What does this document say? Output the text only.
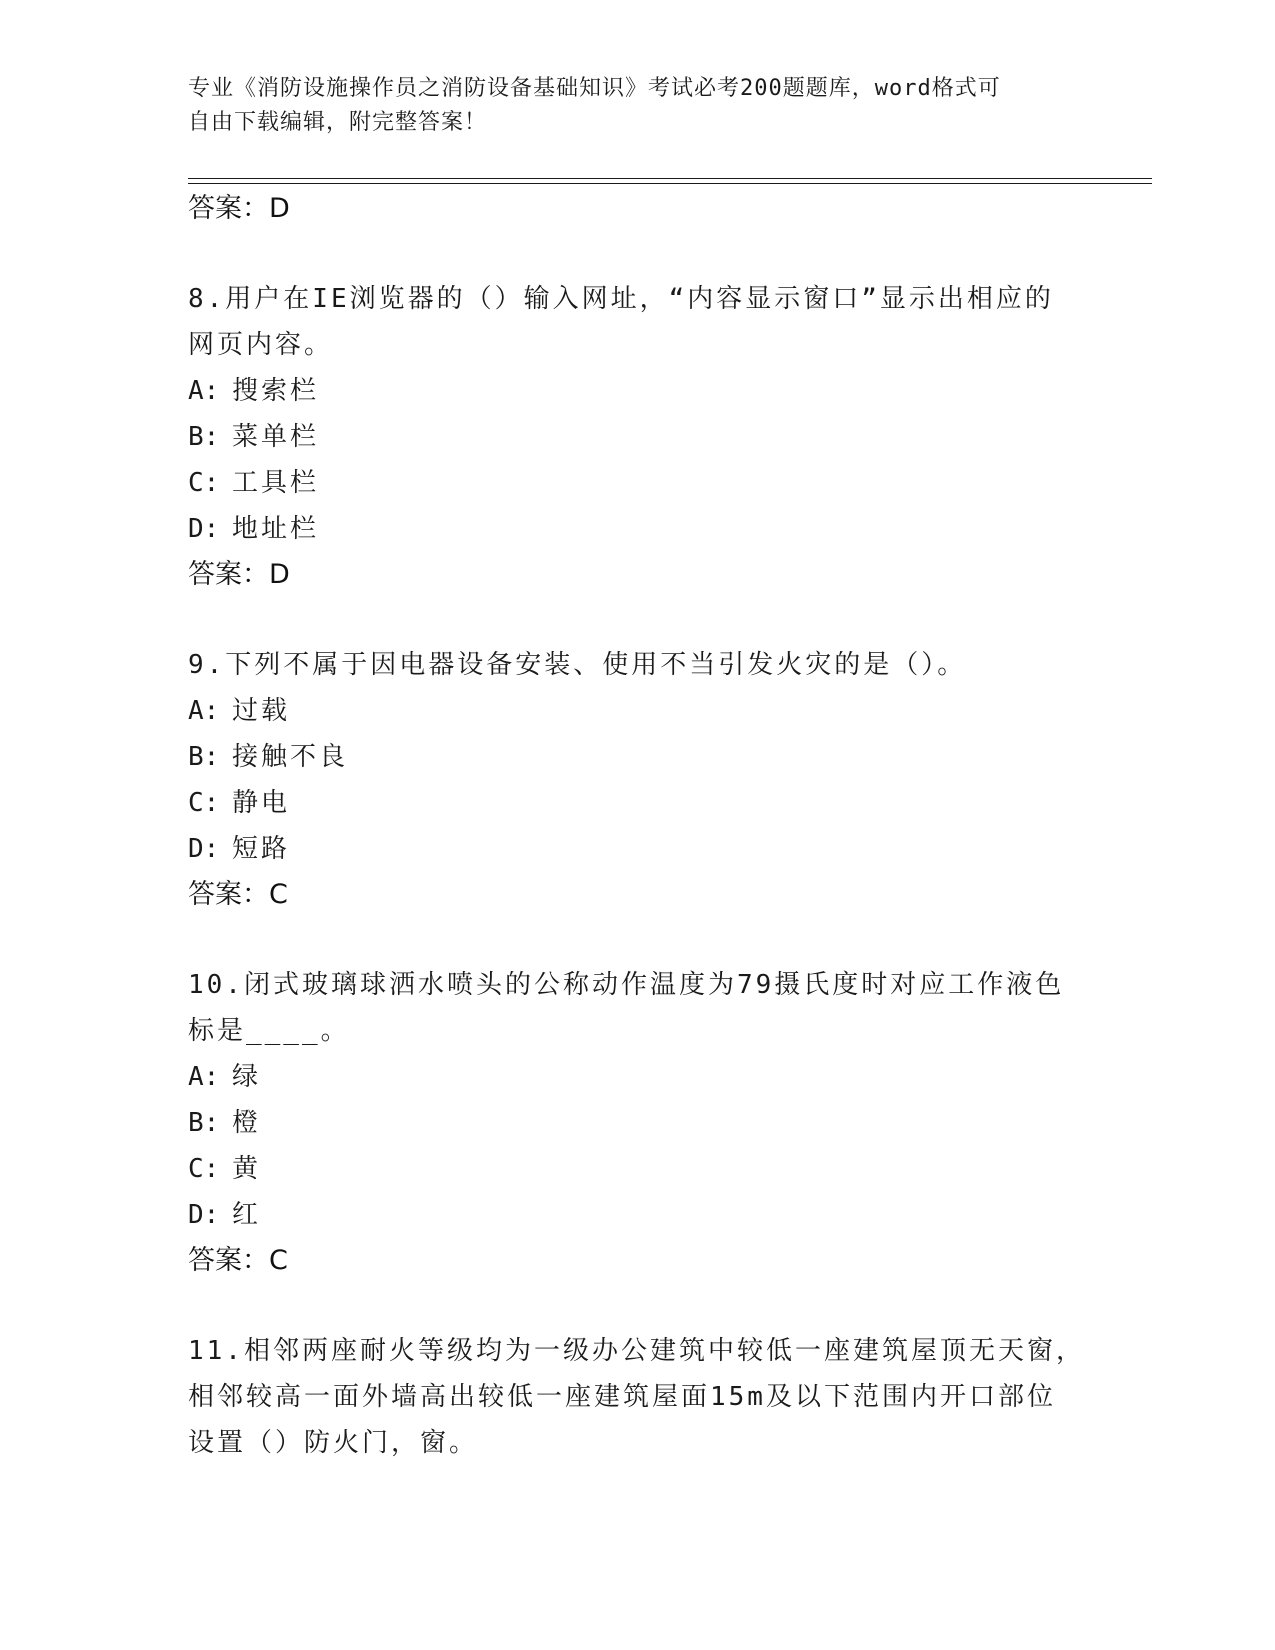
专业《消防设施操作员之消防设备基础知识》考试必考200题题库，word格式可
自由下载编辑，附完整答案！
答案：D
8.用户在IE浏览器的（）输入网址，“内容显示窗口”显示出相应的
网页内容。
A: 搜索栏
B: 菜单栏
C: 工具栏
D: 地址栏
答案：D
9.下列不属于因电器设备安装、使用不当引发火灾的是（）。
A: 过载
B: 接触不良
C: 静电
D: 短路
答案：C
10.闭式玻璃球洒水喷头的公称动作温度为79摄氏度时对应工作液色
标是____。
A: 绿
B: 橙
C: 黄
D: 红
答案：C
11.相邻两座耐火等级均为一级办公建筑中较低一座建筑屋顶无天窗，
相邻较高一面外墙高出较低一座建筑屋面15m及以下范围内开口部位
设置（）防火门，窗。
